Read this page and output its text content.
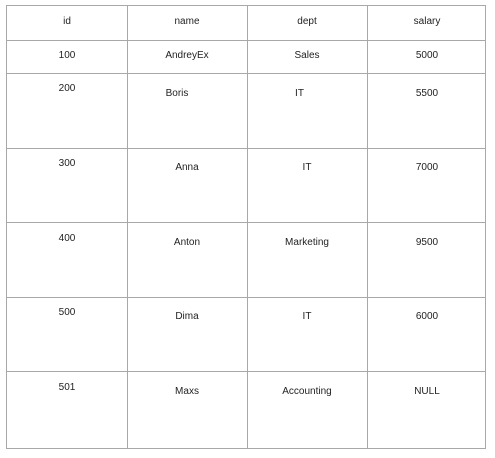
id	name	dept	salary
100	AndreyEx	Sales	5000
200	Boris	IT	5500
300	Anna	IT	7000
400	Anton	Marketing	9500
500	Dima	IT	6000
501	Maxs	Accounting	NULL
